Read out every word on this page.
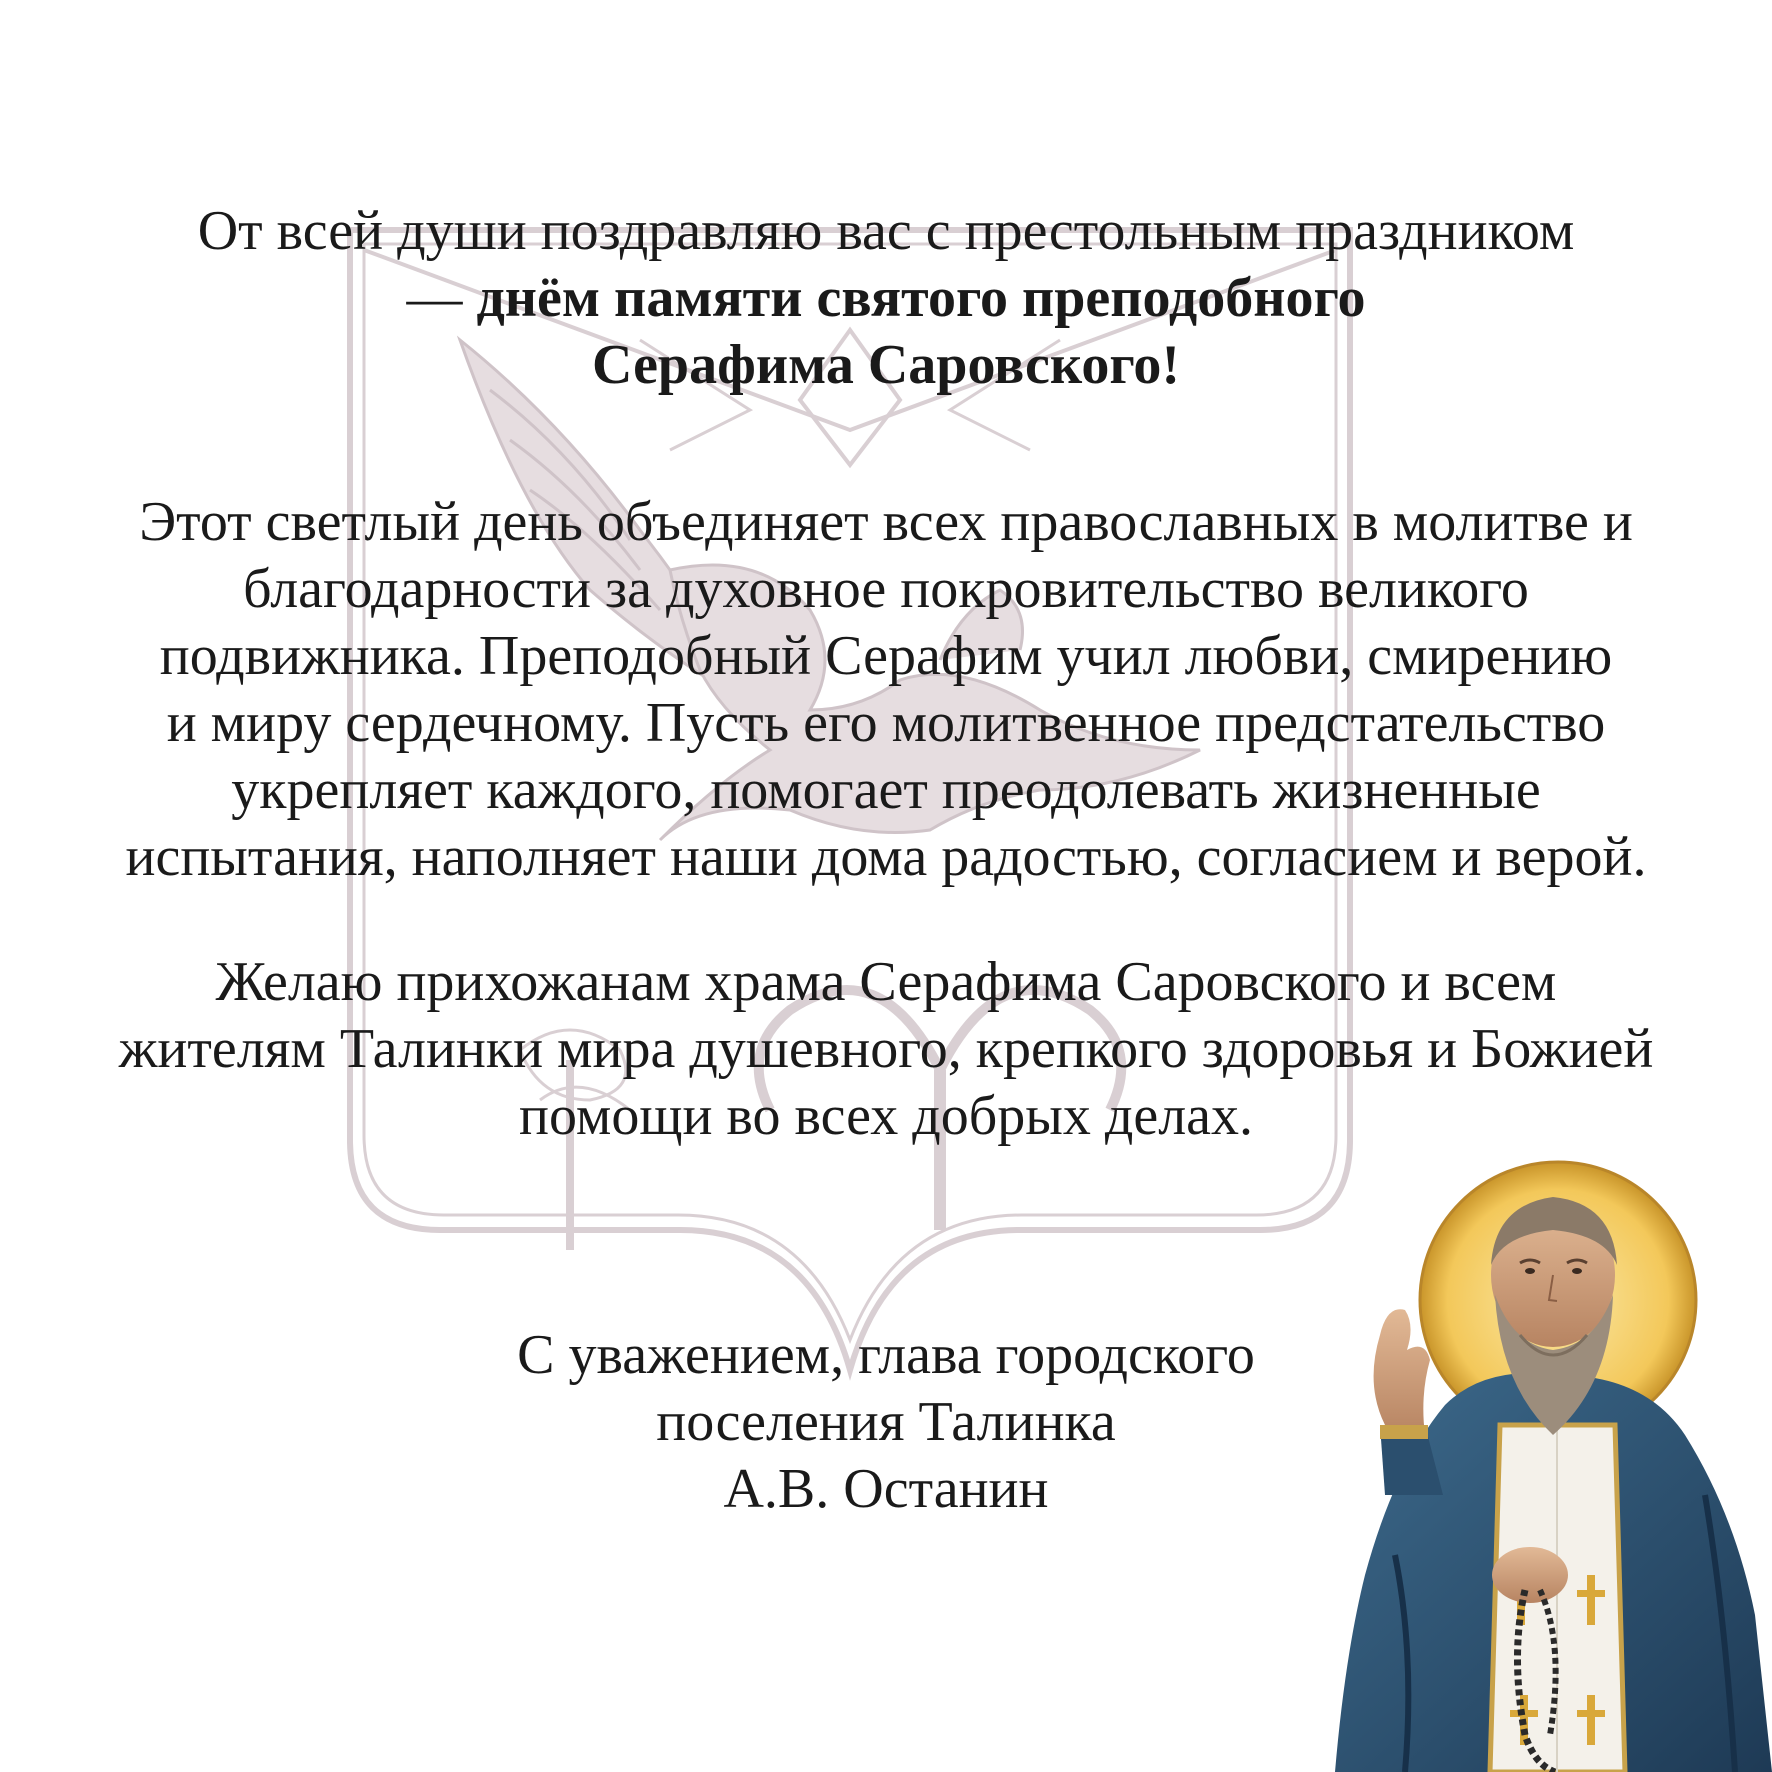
От всей души поздравляю вас с престольным праздником
— днём памяти святого преподобного
Серафима Саровского!
Этот светлый день объединяет всех православных в молитве и
благодарности за духовное покровительство великого
подвижника. Преподобный Серафим учил любви, смирению
и миру сердечному. Пусть его молитвенное предстательство
укрепляет каждого, помогает преодолевать жизненные
испытания, наполняет наши дома радостью, согласием и верой.
Желаю прихожанам храма Серафима Саровского и всем
жителям Талинки мира душевного, крепкого здоровья и Божией
помощи во всех добрых делах.
С уважением, глава городского
поселения Талинка
А.В. Останин
